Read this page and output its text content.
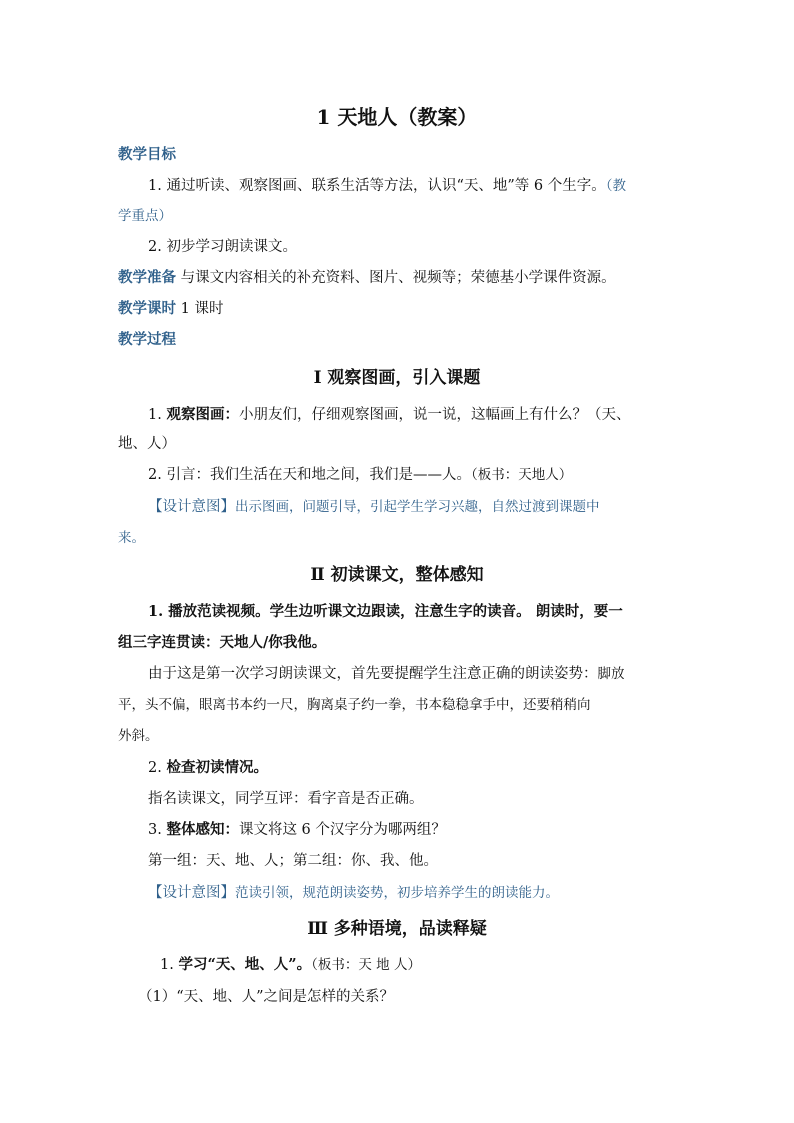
1 天地人（教案）
教学目标
1. 通过听读、观察图画、联系生活等方法，认识“天、地”等 6 个生字。（教
学重点）
2. 初步学习朗读课文。
教学准备 与课文内容相关的补充资料、图片、视频等；荣德基小学课件资源。
教学课时 1 课时
教学过程
Ⅰ 观察图画，引入课题
1. 观察图画：小朋友们，仔细观察图画，说一说，这幅画上有什么？（天、
地、人）
2. 引言：我们生活在天和地之间，我们是——人。（板书：天地人）
【设计意图】出示图画，问题引导，引起学生学习兴趣，自然过渡到课题中
来。
Ⅱ 初读课文，整体感知
1. 播放范读视频。学生边听课文边跟读，注意生字的读音。 朗读时，要一
组三字连贯读：天地人/你我他。
由于这是第一次学习朗读课文，首先要提醒学生注意正确的朗读姿势：脚放
平，头不偏，眼离书本约一尺，胸离桌子约一拳，书本稳稳拿手中，还要稍稍向
外斜。
2. 检查初读情况。
指名读课文，同学互评：看字音是否正确。
3. 整体感知：课文将这 6 个汉字分为哪两组？
第一组：天、地、人；第二组：你、我、他。
【设计意图】范读引领，规范朗读姿势，初步培养学生的朗读能力。
Ⅲ 多种语境，品读释疑
1. 学习“天、地、人”。（板书：天 地 人）
（1）“天、地、人”之间是怎样的关系？
